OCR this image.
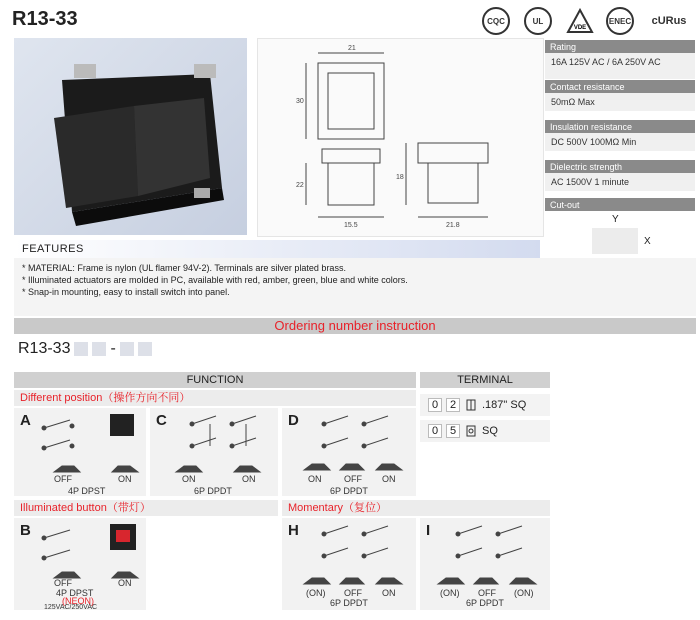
R13-33	CQC	UL
VDE
ENEC	cURus
21
15.5	21.8
30
22
18
Rating
16A 125V AC / 6A 250V AC
Contact resistance
50mΩ Max
Insulation resistance
DC 500V 100MΩ Min
Dielectric strength
AC 1500V 1 minute
Cut-out
Y
X

FEATURES
* MATERIAL: Frame is nylon (UL flamer 94V-2). Terminals are silver plated brass.
* Illuminated actuators are molded in PC, available with red, amber, green, blue and white colors.
* Snap-in mounting, easy to install switch into panel.
Ordering number instruction
R13-33	-
FUNCTION	TERMINAL
Different position（操作方向不同）
0	2	.187" SQ
0	5	SQ
A
OFF	ON
4P DPST
C
ON	ON
6P DPDT
D
ON	OFF ON
6P DPDT
Illuminated button（带灯）	Momentary（复位）
B
OFF	ON
4P DPST
(NEON)
125VAC/250VAC
H
(ON) OFF ON
6P DPDT
I
(ON) OFF (ON)
6P DPDT
